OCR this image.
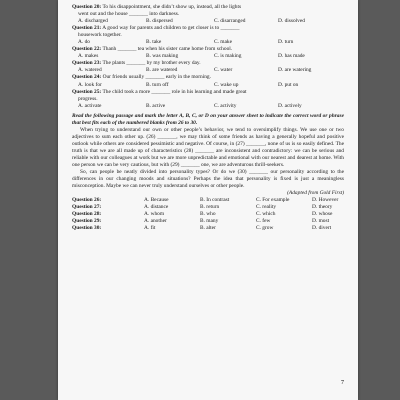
Question 20: To his disappointment, she didn’t show up, instead, all the lights
went out and the house _______ into darkness.
A. discharged	B. dispersed	C. disarranged	D. dissolved
Question 21: A good way for parents and children to get closer is to _______
housework together.
A. do	B. take	C. make	D. turn
Question 22: Thanh _______ tea when his sister came home from school.
A. makes	B. was making	C. is making	D. has made
Question 23: The plants _______ by my brother every day.
A. watered	B. are watered	C. water	D. are watering
Question 24: Our friends usually _______ early in the morning.
A. look for	B. turn off	C. wake up	D. put on
Question 25: The child took a more _______ role in his learning and made great
progress.
A. activate	B. active	C. activity	D. actively
Read the following passage and mark the letter A, B, C, or D on your answer sheet to indicate the correct word or phrase that best fits each of the numbered blanks from 26 to 30.
When trying to understand our own or other people’s behavior, we tend to oversimplify things. We use one or two adjectives to sum each other up. (26) _______, we may think of some friends as having a generally hopeful and positive outlook while others are considered pessimistic and negative. Of course, in (27) _______, none of us is so easily defined. The truth is that we are all made up of characteristics (28) _______ are inconsistent and contradictory: we can be serious and reliable with our colleagues at work but we are more unpredictable and emotional with our nearest and dearest at home. With one person we can be very cautious, but with (29) _______ one, we are adventurous thrill-seekers.
So, can people be neatly divided into personality types? Or do we (30) _______ our personality according to the differences in our changing moods and situations? Perhaps the idea that personality is fixed is just a meaningless misconception. Maybe we can never truly understand ourselves or other people.
(Adapted from Gold First)
Question 26:	A. Because	B. In contrast	C. For example	D. However
Question 27:	A. distance	B. return	C. reality	D. theory
Question 28:	A. whom	B. who	C. which	D. whose
Question 29:	A. another	B. many	C. few	D. most
Question 30:	A. fit	B. alter	C. grow	D. divert
7
